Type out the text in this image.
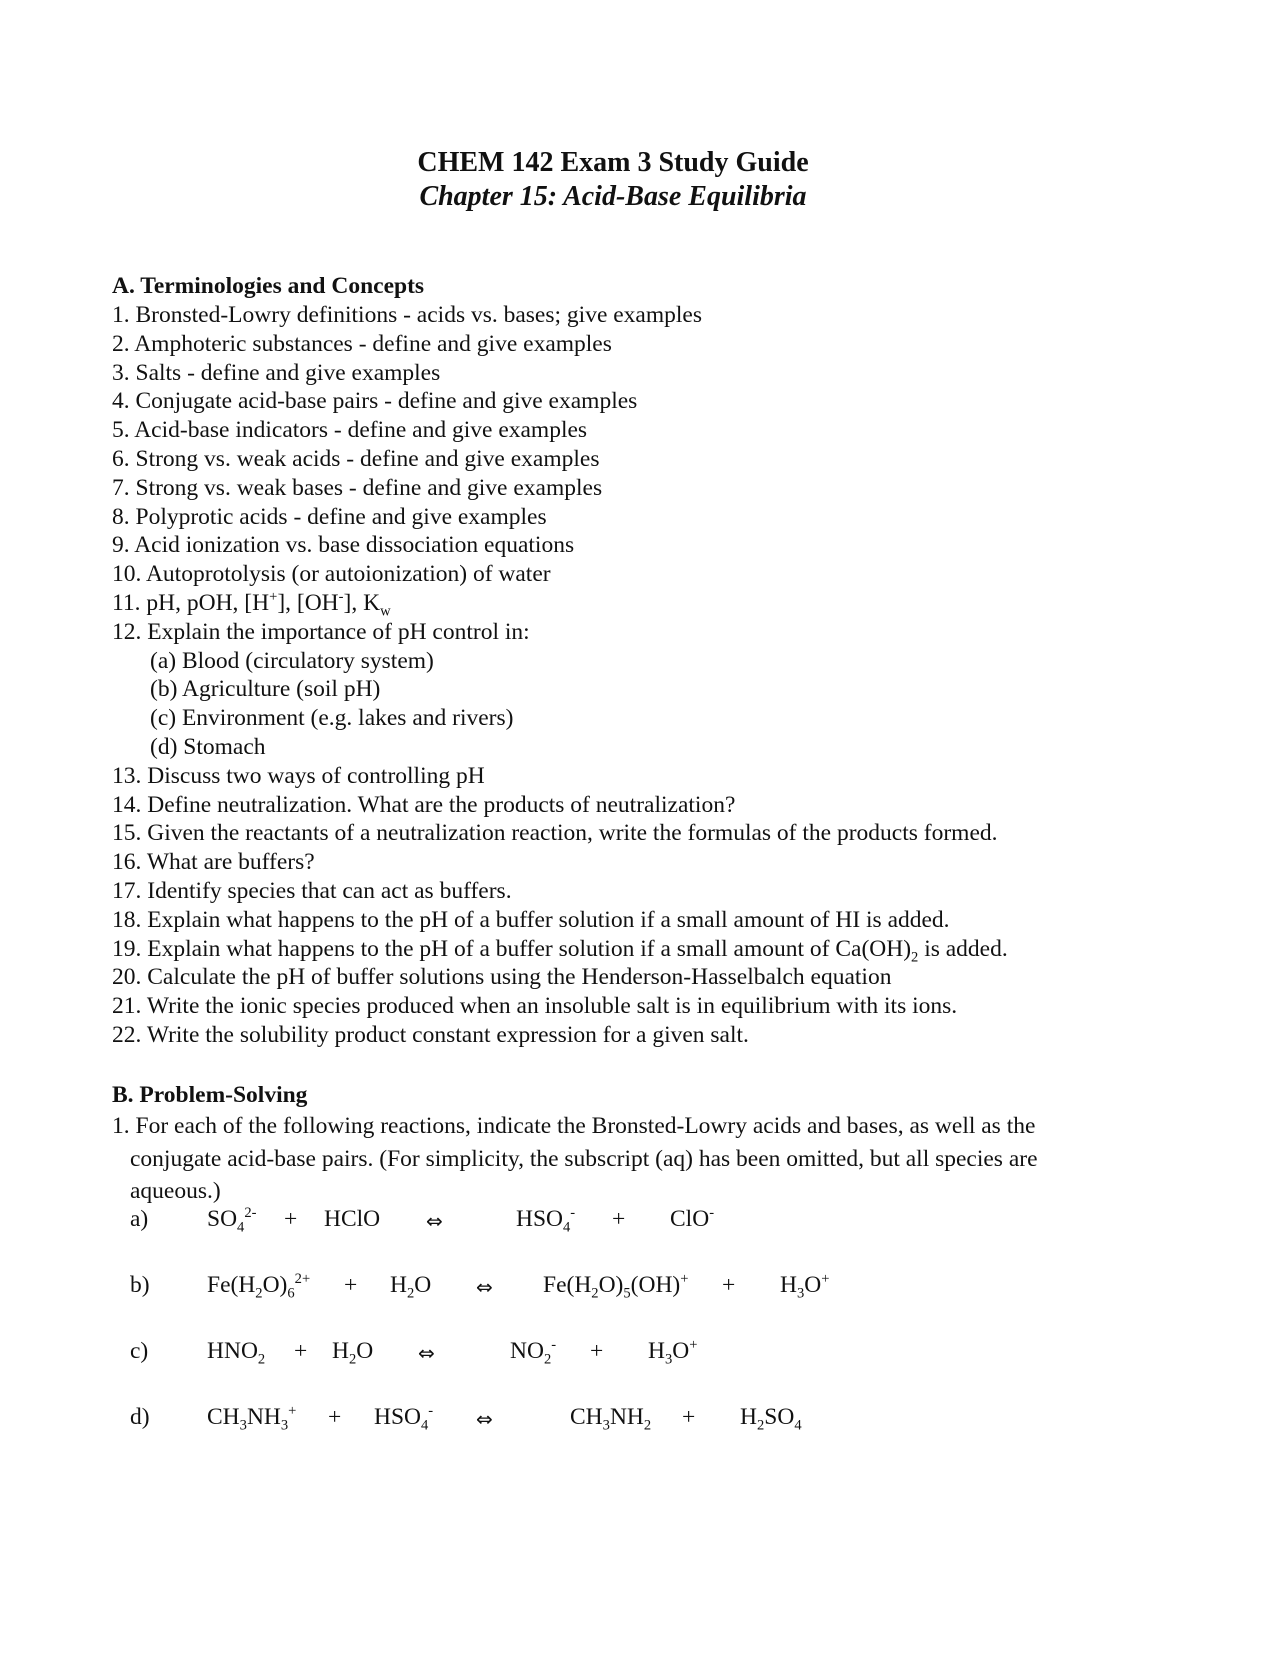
CHEM 142 Exam 3 Study Guide
Chapter 15: Acid-Base Equilibria
A. Terminologies and Concepts
1. Bronsted-Lowry definitions - acids vs. bases; give examples
2. Amphoteric substances - define and give examples
3. Salts - define and give examples
4. Conjugate acid-base pairs - define and give examples
5. Acid-base indicators - define and give examples
6. Strong vs. weak acids - define and give examples
7. Strong vs. weak bases - define and give examples
8. Polyprotic acids - define and give examples
9. Acid ionization vs. base dissociation equations
10. Autoprotolysis (or autoionization) of water
11. pH, pOH, [H+], [OH-], $K_w$
12. Explain the importance of pH control in:
(a) Blood (circulatory system)
(b) Agriculture (soil pH)
(c) Environment (e.g. lakes and rivers)
(d) Stomach
13. Discuss two ways of controlling pH
14. Define neutralization. What are the products of neutralization?
15. Given the reactants of a neutralization reaction, write the formulas of the products formed.
16. What are buffers?
17. Identify species that can act as buffers.
18. Explain what happens to the pH of a buffer solution if a small amount of HI is added.
19. Explain what happens to the pH of a buffer solution if a small amount of $Ca(OH)_2$ is added.
20. Calculate the pH of buffer solutions using the Henderson-Hasselbalch equation
21. Write the ionic species produced when an insoluble salt is in equilibrium with its ions.
22. Write the solubility product constant expression for a given salt.
B. Problem-Solving
1. For each of the following reactions, indicate the Bronsted-Lowry acids and bases, as well as the
conjugate acid-base pairs. (For simplicity, the subscript (aq) has been omitted, but all species are
aqueous.)
a) $SO_4^{2-}$ + HClO ⇔	$HSO_4^- + ClO^-$
b) $Fe(H_2O)_6^{2+} + H_2O$ ⇔ $Fe(H_2O)_5(OH)^+ + H_3O^+$
c) $HNO_2 + H_2O$ ⇔	$NO_2^- + H_3O^+$
d) $CH_3NH_3^+ + HSO_4^-$ ⇔	$CH_3NH_2 + H_2SO_4$
